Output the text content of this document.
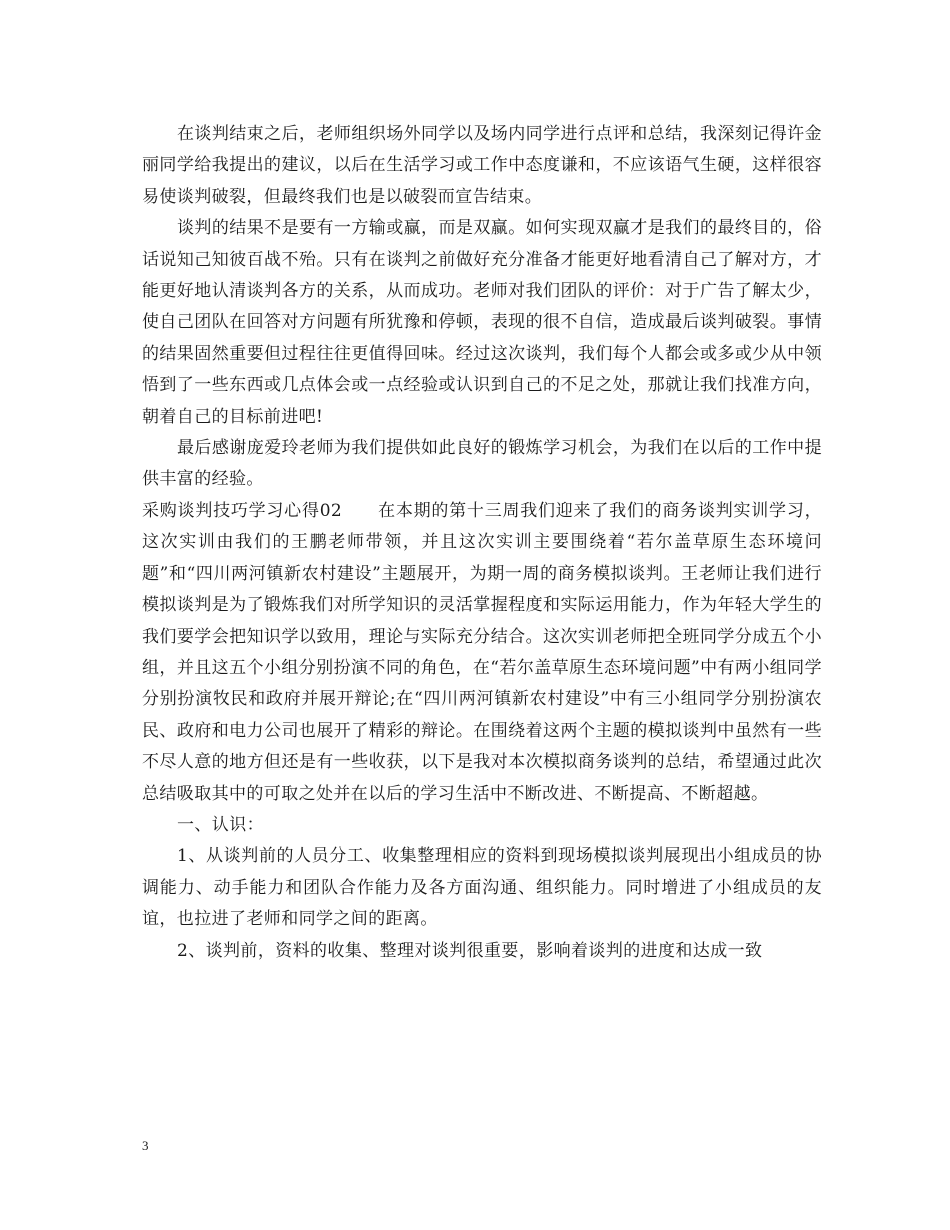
在谈判结束之后，老师组织场外同学以及场内同学进行点评和总结，我深刻记得许金丽同学给我提出的建议，以后在生活学习或工作中态度谦和，不应该语气生硬，这样很容易使谈判破裂，但最终我们也是以破裂而宣告结束。

谈判的结果不是要有一方输或赢，而是双赢。如何实现双赢才是我们的最终目的，俗话说知己知彼百战不殆。只有在谈判之前做好充分准备才能更好地看清自己了解对方，才能更好地认清谈判各方的关系，从而成功。老师对我们团队的评价：对于广告了解太少，使自己团队在回答对方问题有所犹豫和停顿，表现的很不自信，造成最后谈判破裂。事情的结果固然重要但过程往往更值得回味。经过这次谈判，我们每个人都会或多或少从中领悟到了一些东西或几点体会或一点经验或认识到自己的不足之处，那就让我们找准方向，朝着自己的目标前进吧!

最后感谢庞爱玲老师为我们提供如此良好的锻炼学习机会，为我们在以后的工作中提供丰富的经验。

采购谈判技巧学习心得02　　在本期的第十三周我们迎来了我们的商务谈判实训学习，这次实训由我们的王鹏老师带领，并且这次实训主要围绕着“若尔盖草原生态环境问题”和“四川两河镇新农村建设”主题展开，为期一周的商务模拟谈判。王老师让我们进行模拟谈判是为了锻炼我们对所学知识的灵活掌握程度和实际运用能力，作为年轻大学生的我们要学会把知识学以致用，理论与实际充分结合。这次实训老师把全班同学分成五个小组，并且这五个小组分别扮演不同的角色，在“若尔盖草原生态环境问题”中有两小组同学分别扮演牧民和政府并展开辩论;在“四川两河镇新农村建设”中有三小组同学分别扮演农民、政府和电力公司也展开了精彩的辩论。在围绕着这两个主题的模拟谈判中虽然有一些不尽人意的地方但还是有一些收获，以下是我对本次模拟商务谈判的总结，希望通过此次总结吸取其中的可取之处并在以后的学习生活中不断改进、不断提高、不断超越。

一、认识：

1、从谈判前的人员分工、收集整理相应的资料到现场模拟谈判展现出小组成员的协调能力、动手能力和团队合作能力及各方面沟通、组织能力。同时增进了小组成员的友谊，也拉进了老师和同学之间的距离。

2、谈判前，资料的收集、整理对谈判很重要，影响着谈判的进度和达成一致

3
